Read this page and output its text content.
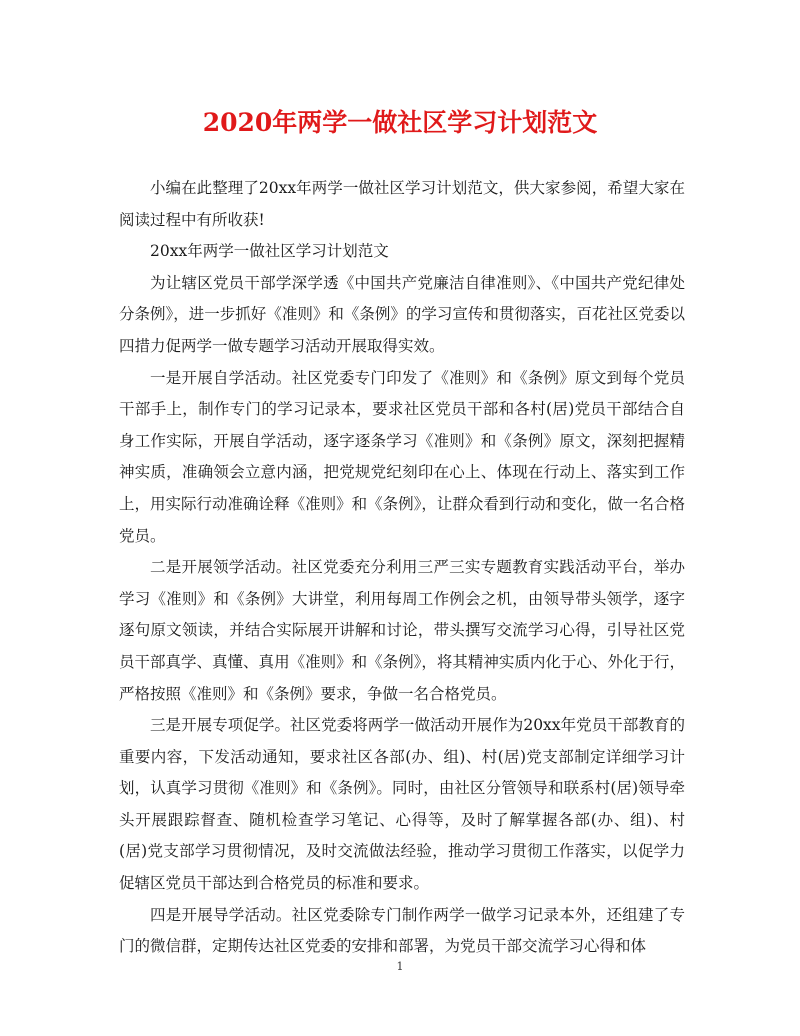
2020年两学一做社区学习计划范文

小编在此整理了20xx年两学一做社区学习计划范文，供大家参阅，希望大家在阅读过程中有所收获!

20xx年两学一做社区学习计划范文

为让辖区党员干部学深学透《中国共产党廉洁自律准则》、《中国共产党纪律处分条例》，进一步抓好《准则》和《条例》的学习宣传和贯彻落实，百花社区党委以四措力促两学一做专题学习活动开展取得实效。

一是开展自学活动。社区党委专门印发了《准则》和《条例》原文到每个党员干部手上，制作专门的学习记录本，要求社区党员干部和各村(居)党员干部结合自身工作实际，开展自学活动，逐字逐条学习《准则》和《条例》原文，深刻把握精神实质，准确领会立意内涵，把党规党纪刻印在心上、体现在行动上、落实到工作上，用实际行动准确诠释《准则》和《条例》，让群众看到行动和变化，做一名合格党员。

二是开展领学活动。社区党委充分利用三严三实专题教育实践活动平台，举办学习《准则》和《条例》大讲堂，利用每周工作例会之机，由领导带头领学，逐字逐句原文领读，并结合实际展开讲解和讨论，带头撰写交流学习心得，引导社区党员干部真学、真懂、真用《准则》和《条例》，将其精神实质内化于心、外化于行，严格按照《准则》和《条例》要求，争做一名合格党员。

三是开展专项促学。社区党委将两学一做活动开展作为20xx年党员干部教育的重要内容，下发活动通知，要求社区各部(办、组)、村(居)党支部制定详细学习计划，认真学习贯彻《准则》和《条例》。同时，由社区分管领导和联系村(居)领导牵头开展跟踪督查、随机检查学习笔记、心得等，及时了解掌握各部(办、组)、村(居)党支部学习贯彻情况，及时交流做法经验，推动学习贯彻工作落实，以促学力促辖区党员干部达到合格党员的标准和要求。

四是开展导学活动。社区党委除专门制作两学一做学习记录本外，还组建了专门的微信群，定期传达社区党委的安排和部署，为党员干部交流学习心得和体

1
